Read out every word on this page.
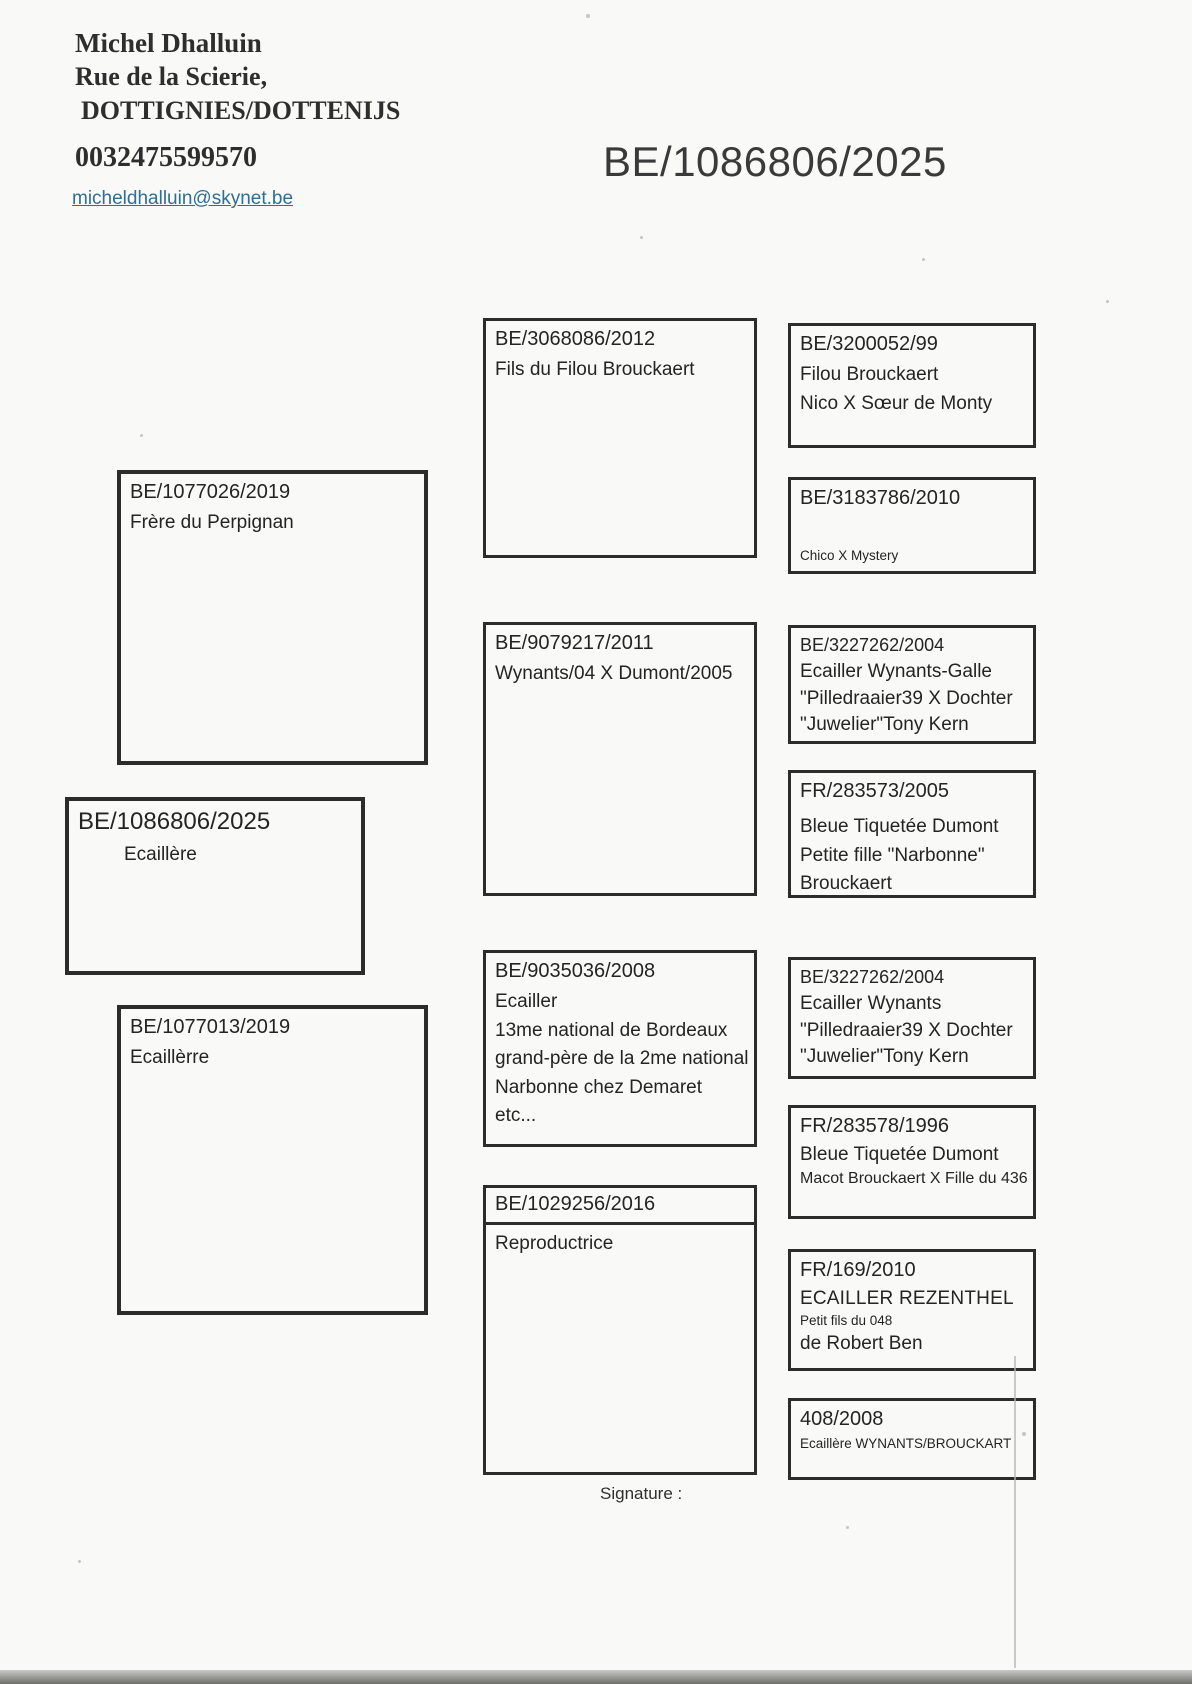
Michel Dhalluin
Rue de la Scierie,
DOTTIGNIES/DOTTENIJS
0032475599570
micheldhalluin@skynet.be
BE/1086806/2025
BE/1086806/2025
Ecaillère
BE/1077026/2019
Frère du Perpignan
BE/1077013/2019
Ecaillèrre
BE/3068086/2012
Fils du Filou Brouckaert
BE/9079217/2011
Wynants/04 X Dumont/2005
BE/9035036/2008
Ecailler
13me national de Bordeaux
grand-père de la 2me national
Narbonne chez Demaret
etc...
BE/1029256/2016
Reproductrice
BE/3200052/99
Filou Brouckaert
Nico X Sœur de Monty
BE/3183786/2010
Chico X Mystery
BE/3227262/2004
Ecailler Wynants-Galle
"Pilledraaier39 X Dochter
"Juwelier"Tony Kern
FR/283573/2005
Bleue Tiquetée Dumont
Petite fille "Narbonne"
Brouckaert
BE/3227262/2004
Ecailler Wynants
"Pilledraaier39 X Dochter
"Juwelier"Tony Kern
FR/283578/1996
Bleue Tiquetée Dumont
Macot Brouckaert X Fille du 436
FR/169/2010
ECAILLER REZENTHEL
Petit fils du 048
de Robert Ben
408/2008
Ecaillère WYNANTS/BROUCKART
Signature :
